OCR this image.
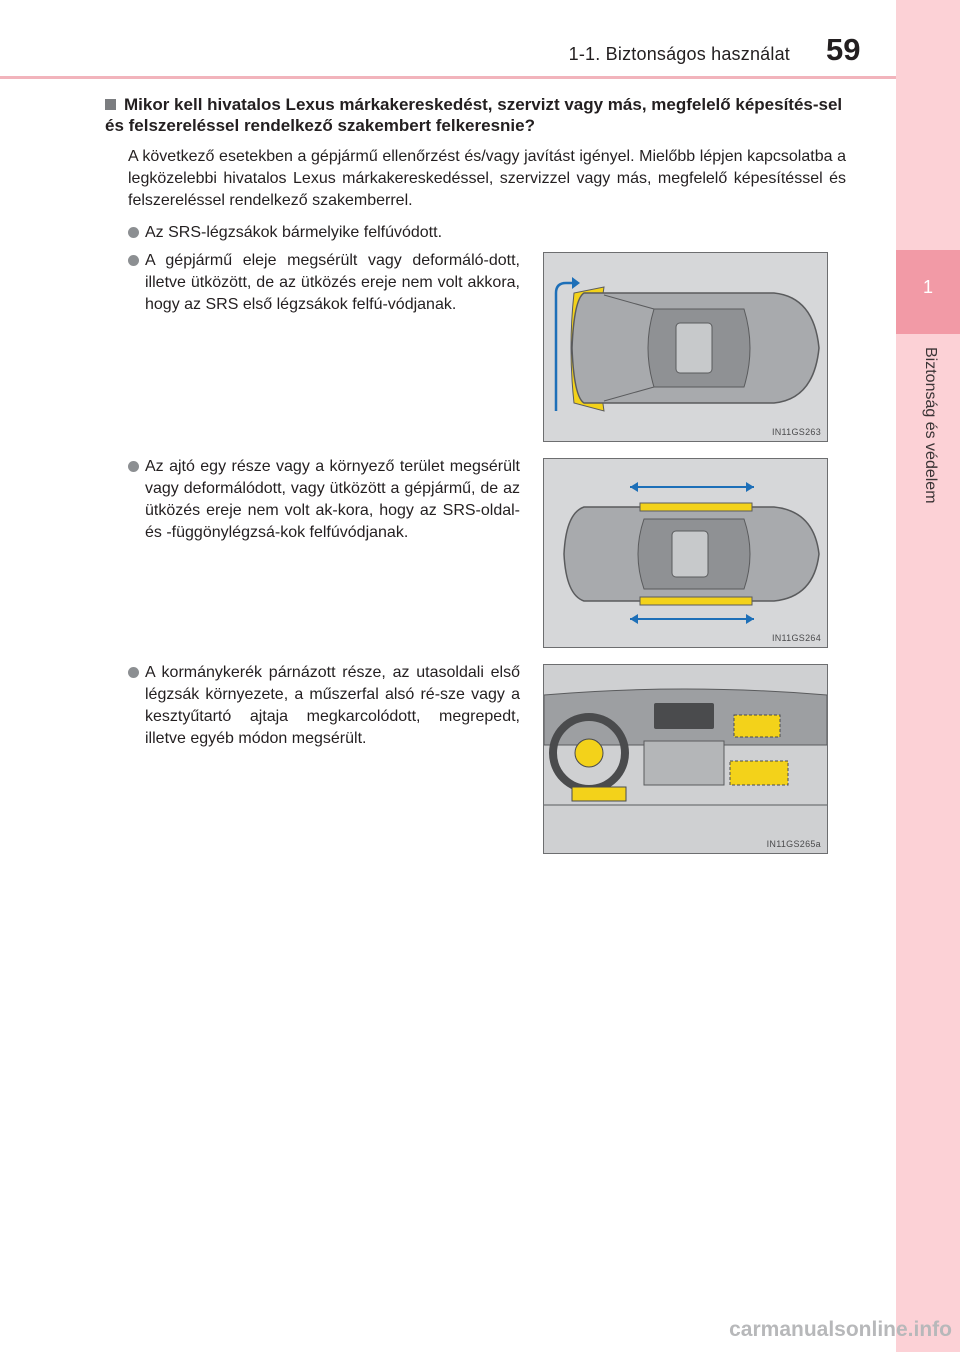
1-1. Biztonságos használat 59
1
Biztonság és védelem
Mikor kell hivatalos Lexus márkakereskedést, szervizt vagy más, megfelelő képesítés-sel és felszereléssel rendelkező szakembert felkeresnie?
A következő esetekben a gépjármű ellenőrzést és/vagy javítást igényel. Mielőbb lépjen kapcsolatba a legközelebbi hivatalos Lexus márkakereskedéssel, szervizzel vagy más, megfelelő képesítéssel és felszereléssel rendelkező szakemberrel.
Az SRS-légzsákok bármelyike felfúvódott.
A gépjármű eleje megsérült vagy deformáló-dott, illetve ütközött, de az ütközés ereje nem volt akkora, hogy az SRS első légzsákok felfú-vódjanak.
Az ajtó egy része vagy a környező terület megsérült vagy deformálódott, vagy ütközött a gépjármű, de az ütközés ereje nem volt ak-kora, hogy az SRS-oldal- és -függönylégzsá-kok felfúvódjanak.
A kormánykerék párnázott része, az utasoldali első légzsák környezete, a műszerfal alsó ré-sze vagy a kesztyűtartó ajtaja megkarcolódott, megrepedt, illetve egyéb módon megsérült.
IN11GS263
IN11GS264
IN11GS265a
carmanualsonline.info
